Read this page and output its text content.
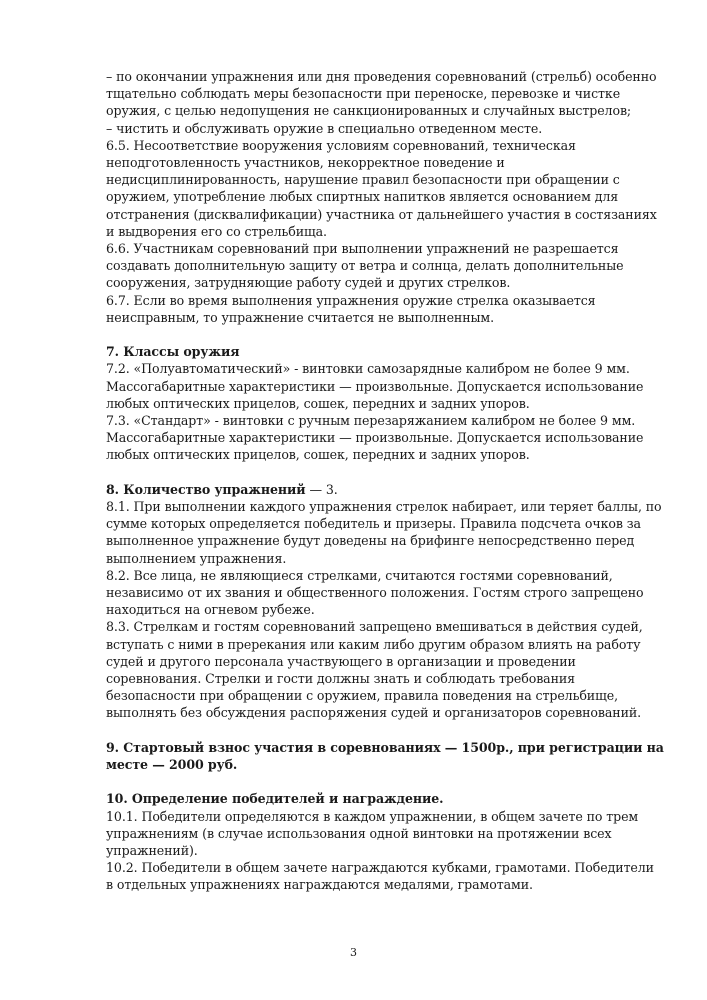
– по окончании упражнения или дня проведения соревнований (стрельб) особенно
тщательно соблюдать меры безопасности при переноске, перевозке и чистке
оружия, с целью недопущения не санкционированных и случайных выстрелов;
– чистить и обслуживать оружие в специально отведенном месте.
6.5. Несоответствие вооружения условиям соревнований, техническая
неподготовленность участников, некорректное поведение и
недисциплинированность, нарушение правил безопасности при обращении с
оружием, употребление любых спиртных напитков является основанием для
отстранения (дисквалификации) участника от дальнейшего участия в состязаниях
и выдворения его со стрельбища.
6.6. Участникам соревнований при выполнении упражнений не разрешается
создавать дополнительную защиту от ветра и солнца, делать дополнительные
сооружения, затрудняющие работу судей и других стрелков.
6.7. Если во время выполнения упражнения оружие стрелка оказывается
неисправным, то упражнение считается не выполненным.
7. Классы оружия
7.2. «Полуавтоматический» - винтовки самозарядные калибром не более 9 мм.
Массогабаритные характеристики — произвольные. Допускается использование
любых оптических прицелов, сошек, передних и задних упоров.
7.3. «Стандарт» - винтовки с ручным перезаряжанием калибром не более 9 мм.
Массогабаритные характеристики — произвольные. Допускается использование
любых оптических прицелов, сошек, передних и задних упоров.
8. Количество упражнений — 3.
8.1. При выполнении каждого упражнения стрелок набирает, или теряет баллы, по
сумме которых определяется победитель и призеры. Правила подсчета очков за
выполненное упражнение будут доведены на брифинге непосредственно перед
выполнением упражнения.
8.2. Все лица, не являющиеся стрелками, считаются гостями соревнований,
независимо от их звания и общественного положения. Гостям строго запрещено
находиться на огневом рубеже.
8.3. Стрелкам и гостям соревнований запрещено вмешиваться в действия судей,
вступать с ними в пререкания или каким либо другим образом влиять на работу
судей и другого персонала участвующего в организации и проведении
соревнования. Стрелки и гости должны знать и соблюдать требования
безопасности при обращении с оружием, правила поведения на стрельбище,
выполнять без обсуждения распоряжения судей и организаторов соревнований.
9. Стартовый взнос участия в соревнованиях — 1500р., при регистрации на
месте — 2000 руб.
10. Определение победителей и награждение.
10.1. Победители определяются в каждом упражнении, в общем зачете по трем
упражнениям (в случае использования одной винтовки на протяжении всех
упражнений).
10.2. Победители в общем зачете награждаются кубками, грамотами. Победители
в отдельных упражнениях награждаются медалями, грамотами.
3
